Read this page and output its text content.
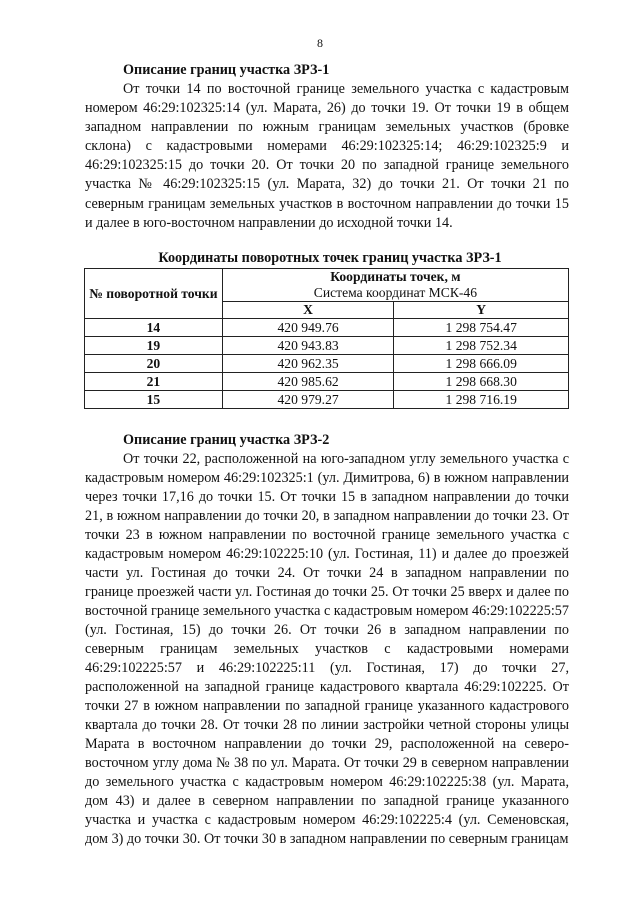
8

Описание границ участка ЗРЗ-1

От точки 14 по восточной границе земельного участка с кадастровым номером 46:29:102325:14 (ул. Марата, 26) до точки 19. От точки 19 в общем западном направлении по южным границам земельных участков (бровке склона) с кадастровыми номерами 46:29:102325:14; 46:29:102325:9 и 46:29:102325:15 до точки 20. От точки 20 по западной границе земельного участка № 46:29:102325:15 (ул. Марата, 32) до точки 21. От точки 21 по северным границам земельных участков в восточном направлении до точки 15 и далее в юго-восточном направлении до исходной точки 14.

Координаты поворотных точек границ участка ЗРЗ-1
№ поворотной точки	Координаты точек, м
Система координат МСК-46	

	X	Y
14	420 949.76	1 298 754.47
19	420 943.83	1 298 752.34
20	420 962.35	1 298 666.09
21	420 985.62	1 298 668.30
15	420 979.27	1 298 716.19

Описание границ участка ЗРЗ-2

От точки 22, расположенной на юго-западном углу земельного участка с кадастровым номером 46:29:102325:1 (ул. Димитрова, 6) в южном направлении через точки 17,16 до точки 15. От точки 15 в западном направлении до точки 21, в южном направлении до точки 20, в западном направлении до точки 23. От точки 23 в южном направлении по восточной границе земельного участка с кадастровым номером 46:29:102225:10 (ул. Гостиная, 11) и далее до проезжей части ул. Гостиная до точки 24. От точки 24 в западном направлении по границе проезжей части ул. Гостиная до точки 25. От точки 25 вверх и далее по восточной границе земельного участка с кадастровым номером 46:29:102225:57 (ул. Гостиная, 15) до точки 26. От точки 26 в западном направлении по северным границам земельных участков с кадастровыми номерами 46:29:102225:57 и 46:29:102225:11 (ул. Гостиная, 17) до точки 27, расположенной на западной границе кадастрового квартала 46:29:102225. От точки 27 в южном направлении по западной границе указанного кадастрового квартала до точки 28. От точки 28 по линии застройки четной стороны улицы Марата в восточном направлении до точки 29, расположенной на северо-восточном углу дома № 38 по ул. Марата. От точки 29 в северном направлении до земельного участка с кадастровым номером 46:29:102225:38 (ул. Марата, дом 43) и далее в северном направлении по западной границе указанного участка и участка с кадастровым номером 46:29:102225:4 (ул. Семеновская, дом 3) до точки 30. От точки 30 в западном направлении по северным границам
